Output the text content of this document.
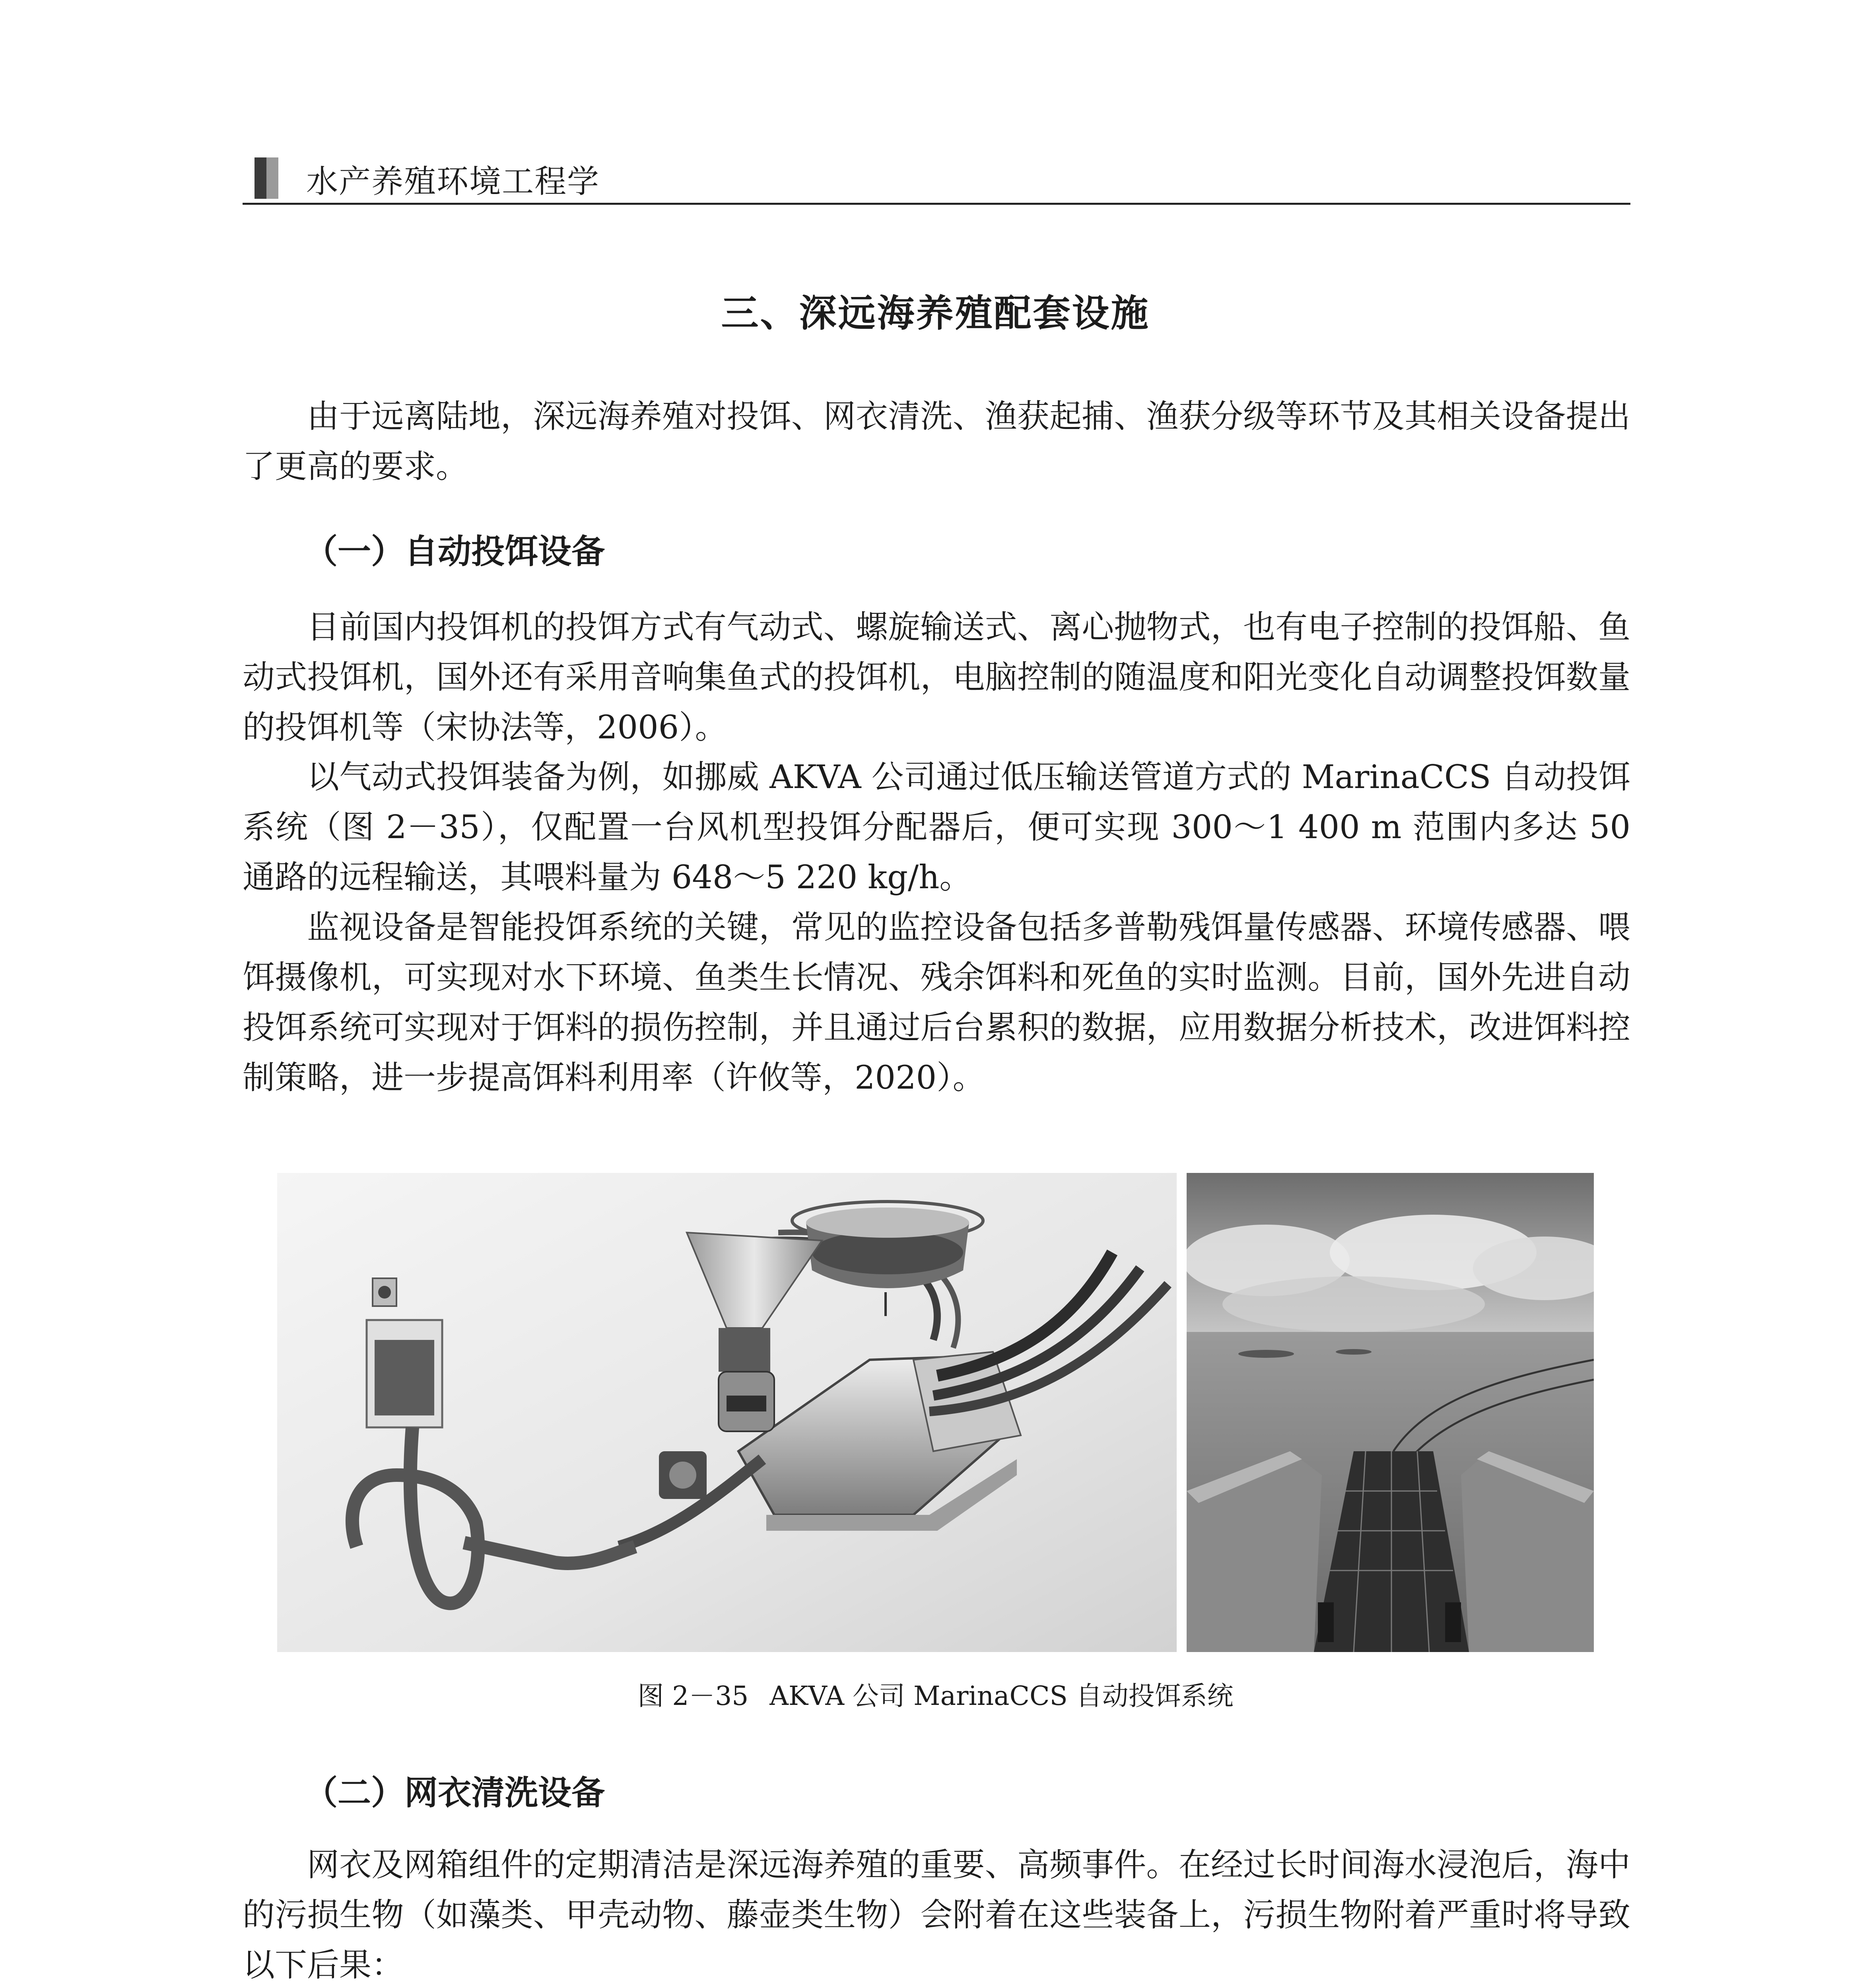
水产养殖环境工程学
三、深远海养殖配套设施

由于远离陆地，深远海养殖对投饵、网衣清洗、渔获起捕、渔获分级等环节及其相关设备提出了更高的要求。

（一）自动投饵设备

目前国内投饵机的投饵方式有气动式、螺旋输送式、离心抛物式，也有电子控制的投饵船、鱼动式投饵机，国外还有采用音响集鱼式的投饵机，电脑控制的随温度和阳光变化自动调整投饵数量的投饵机等（宋协法等，2006）。

以气动式投饵装备为例，如挪威 AKVA 公司通过低压输送管道方式的 MarinaCCS 自动投饵系统（图 2－35），仅配置一台风机型投饵分配器后，便可实现 300～1 400 m 范围内多达 50 通路的远程输送，其喂料量为 648～5 220 kg/h。

监视设备是智能投饵系统的关键，常见的监控设备包括多普勒残饵量传感器、环境传感器、喂饵摄像机，可实现对水下环境、鱼类生长情况、残余饵料和死鱼的实时监测。目前，国外先进自动投饵系统可实现对于饵料的损伤控制，并且通过后台累积的数据，应用数据分析技术，改进饵料控制策略，进一步提高饵料利用率（许攸等，2020）。

图 2－35 AKVA 公司 MarinaCCS 自动投饵系统
（二）网衣清洗设备

网衣及网箱组件的定期清洁是深远海养殖的重要、高频事件。在经过长时间海水浸泡后，海中的污损生物（如藻类、甲壳动物、藤壶类生物）会附着在这些装备上，污损生物附着严重时将导致以下后果：
